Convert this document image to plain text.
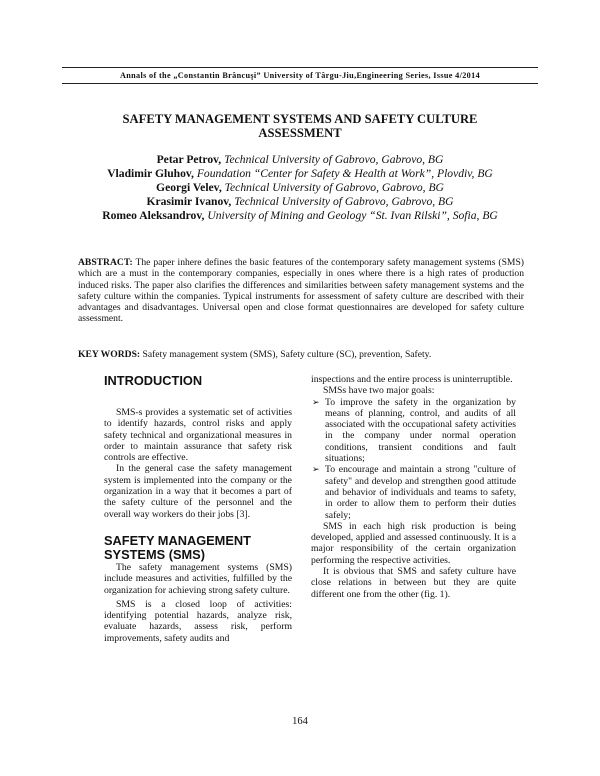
Annals of the „Constantin Brâncuşi” University of Târgu-Jiu,Engineering Series, Issue 4/2014
SAFETY MANAGEMENT SYSTEMS AND SAFETY CULTURE
ASSESSMENT
Petar Petrov, Technical University of Gabrovo, Gabrovo, BG
Vladimir Gluhov, Foundation “Center for Safety & Health at Work”, Plovdiv, BG
Georgi Velev, Technical University of Gabrovo, Gabrovo, BG
Krasimir Ivanov, Technical University of Gabrovo, Gabrovo, BG
Romeo Aleksandrov, University of Mining and Geology “St. Ivan Rilski”, Sofia, BG
ABSTRACT: The paper inhere defines the basic features of the contemporary safety management systems (SMS) which are a must in the contemporary companies, especially in ones where there is a high rates of production induced risks. The paper also clarifies the differences and similarities between safety management systems and the safety culture within the companies. Typical instruments for assessment of safety culture are described with their advantages and disadvantages. Universal open and close format questionnaires are developed for safety culture assessment.
KEY WORDS: Safety management system (SMS), Safety culture (SC), prevention, Safety.
INTRODUCTION

SMS-s provides a systematic set of activities to identify hazards, control risks and apply safety technical and organizational measures in order to maintain assurance that safety risk controls are effective.

In the general case the safety management system is implemented into the company or the organization in a way that it becomes a part of the safety culture of the personnel and the overall way workers do their jobs [3].

SAFETY MANAGEMENT
SYSTEMS (SMS)

The safety management systems (SMS) include measures and activities, fulfilled by the organization for achieving strong safety culture.

SMS is a closed loop of activities: identifying potential hazards, analyze risk, evaluate hazards, assess risk, perform improvements, safety audits and

inspections and the entire process is uninterruptible.

SMSs have two major goals:

➢ To improve the safety in the organization by means of planning, control, and audits of all associated with the occupational safety activities in the company under normal operation conditions, transient conditions and fault situations;
➢ To encourage and maintain a strong "culture of safety" and develop and strengthen good attitude and behavior of individuals and teams to safety, in order to allow them to perform their duties safely;

SMS in each high risk production is being developed, applied and assessed continuously. It is a major responsibility of the certain organization performing the respective activities.

It is obvious that SMS and safety culture have close relations in between but they are quite different one from the other (fig. 1).

164
